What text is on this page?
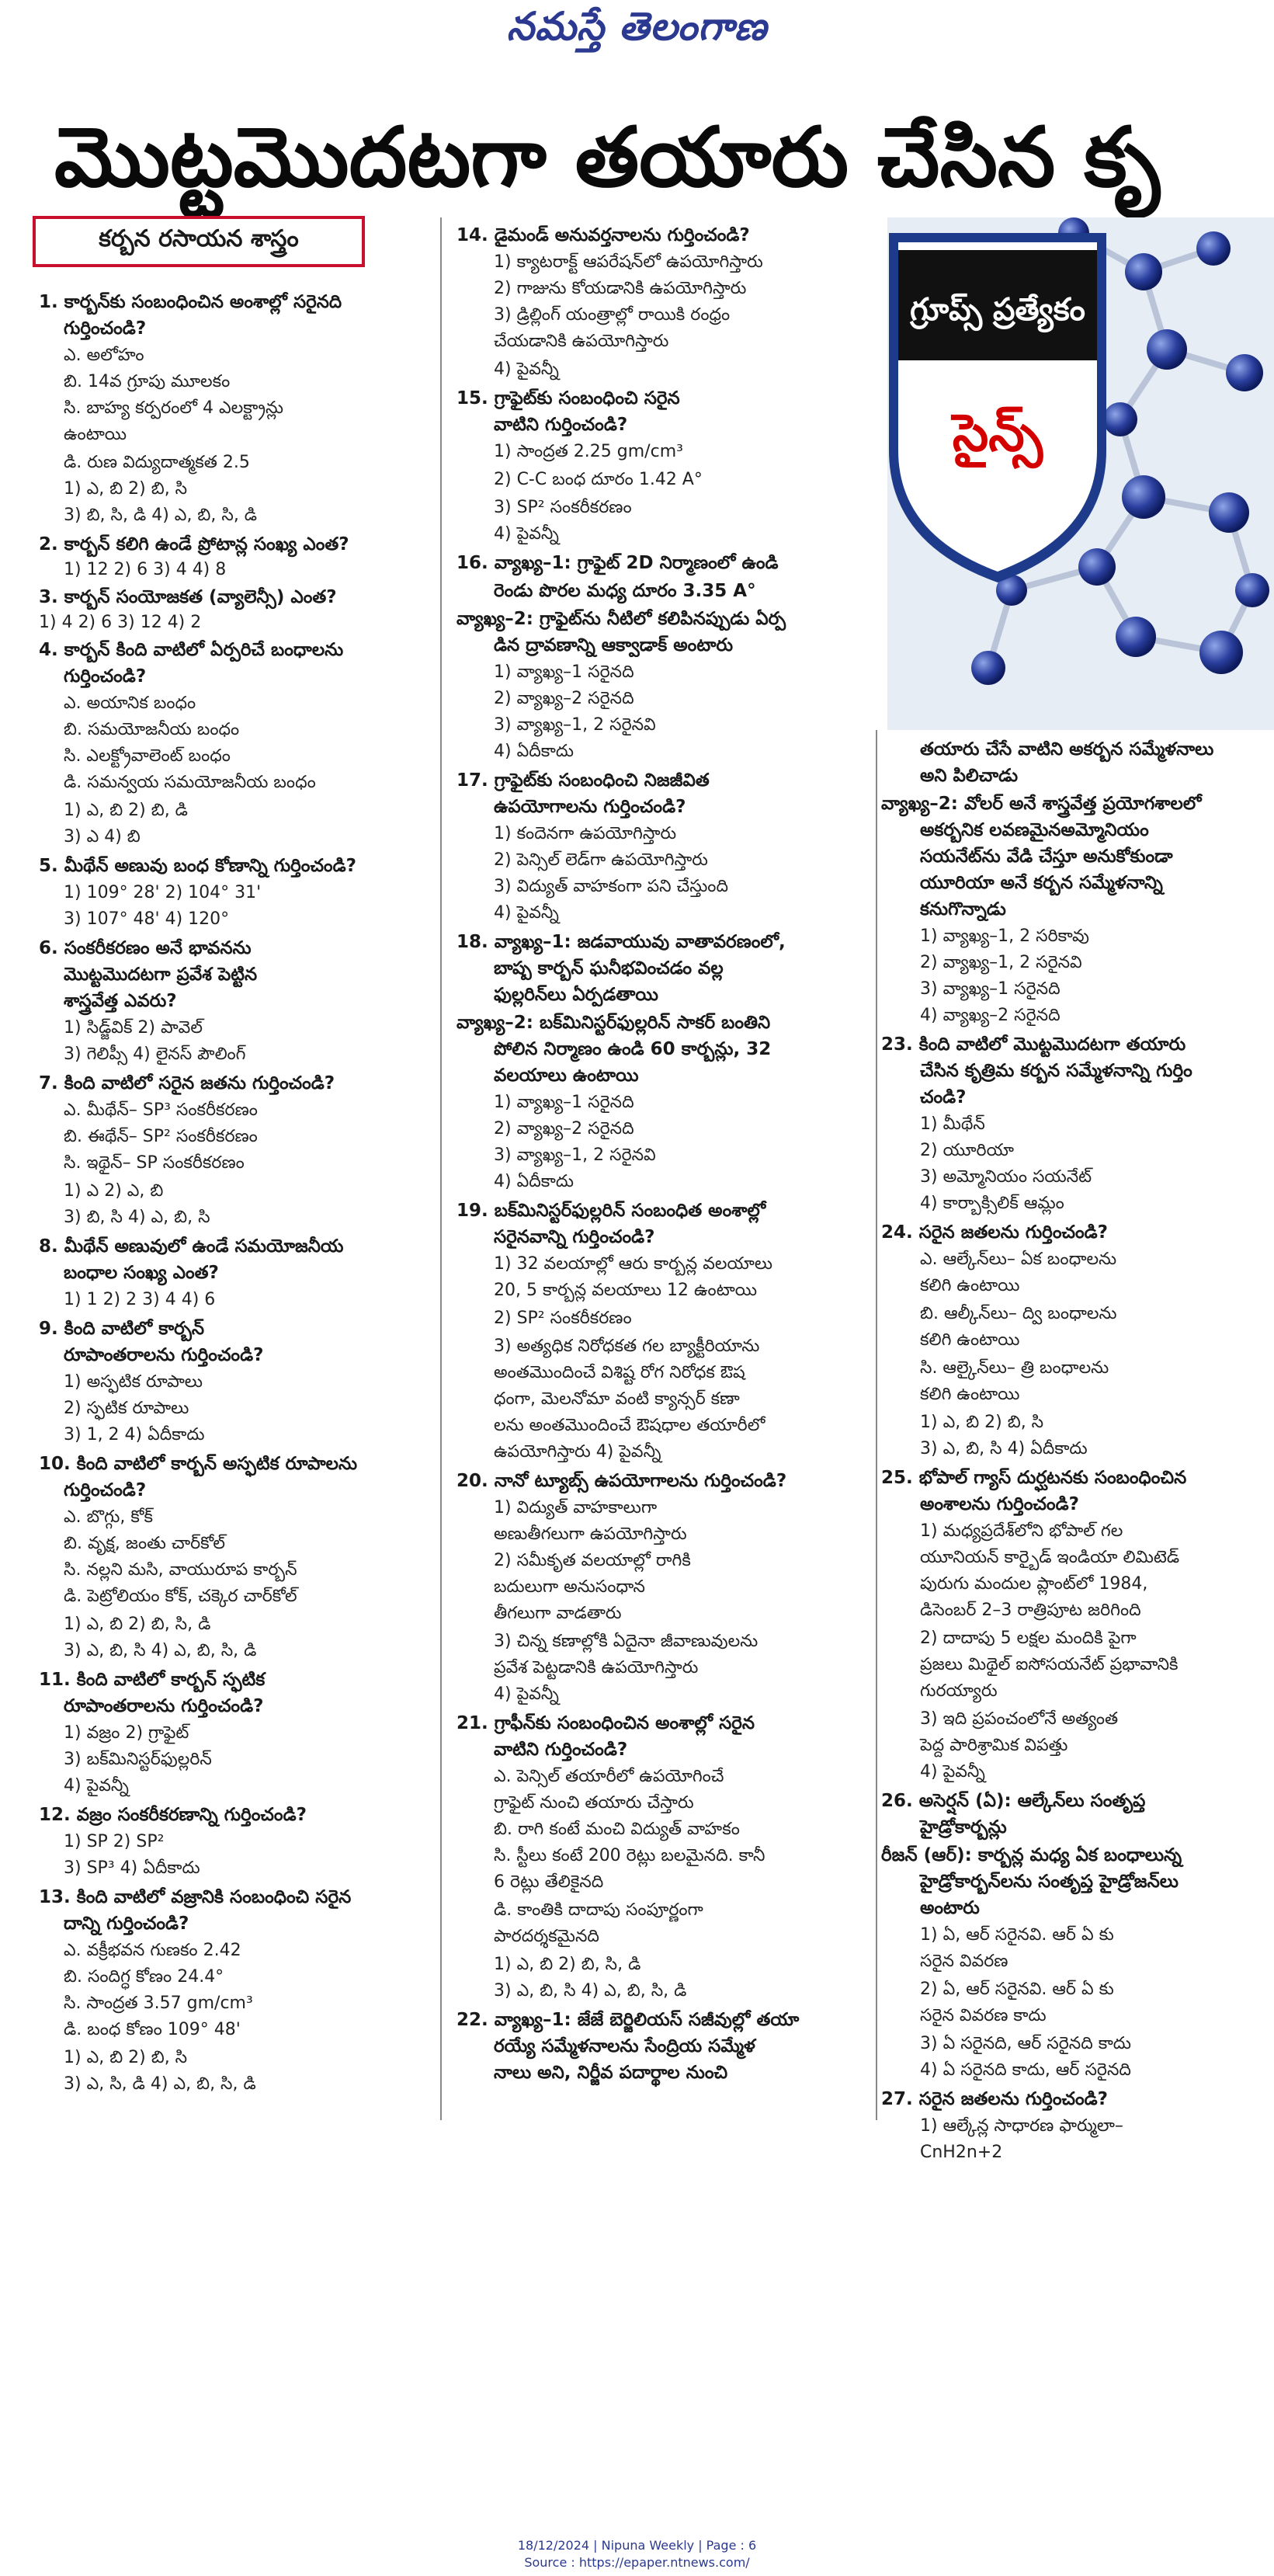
నమస్తే తెలంగాణ
మొట్టమొదటగా తయారు చేసిన కృ
కర్బన రసాయన శాస్త్రం
గ్రూప్స్ ప్రత్యేకం
సైన్స్
1. కార్బన్‌కు సంబంధించిన అంశాల్లో సరైనది
గుర్తించండి?
ఎ. అలోహం
బి. 14వ గ్రూపు మూలకం
సి. బాహ్య కర్పరంలో 4 ఎలక్ట్రాన్లు
ఉంటాయి
డి. రుణ విద్యుదాత్మకత 2.5
1) ఎ, బి 2) బి, సి
3) బి, సి, డి 4) ఎ, బి, సి, డి
2. కార్బన్ కలిగి ఉండే ప్రోటాన్ల సంఖ్య ఎంత?
1) 12 2) 6 3) 4 4) 8
3. కార్బన్ సంయోజకత (వ్యాలెన్సీ) ఎంత?
1) 4 2) 6 3) 12 4) 2
4. కార్బన్ కింది వాటిలో ఏర్పరిచే బంధాలను
గుర్తించండి?
ఎ. అయానిక బంధం
బి. సమయోజనీయ బంధం
సి. ఎలక్ట్రోవాలెంట్ బంధం
డి. సమన్వయ సమయోజనీయ బంధం
1) ఎ, బి 2) బి, డి
3) ఎ 4) బి
5. మీథేన్ అణువు బంధ కోణాన్ని గుర్తించండి?
1) 109° 28' 2) 104° 31'
3) 107° 48' 4) 120°
6. సంకరీకరణం అనే భావనను
మొట్టమొదటగా ప్రవేశ పెట్టిన
శాస్త్రవేత్త ఎవరు?
1) సిడ్జ్‌విక్ 2) పావెల్
3) గెలిప్సీ 4) లైనస్ పౌలింగ్
7. కింది వాటిలో సరైన జతను గుర్తించండి?
ఎ. మీథేన్– SP³ సంకరీకరణం
బి. ఈథేన్– SP² సంకరీకరణం
సి. ఇథైన్– SP సంకరీకరణం
1) ఎ 2) ఎ, బి
3) బి, సి 4) ఎ, బి, సి
8. మీథేన్ అణువులో ఉండే సమయోజనీయ
బంధాల సంఖ్య ఎంత?
1) 1 2) 2 3) 4 4) 6
9. కింది వాటిలో కార్బన్
రూపాంతరాలను గుర్తించండి?
1) అస్ఫటిక రూపాలు
2) స్ఫటిక రూపాలు
3) 1, 2 4) ఏదీకాదు
10. కింది వాటిలో కార్బన్ అస్ఫటిక రూపాలను
గుర్తించండి?
ఎ. బొగ్గు, కోక్
బి. వృక్ష, జంతు చార్‌కోల్
సి. నల్లని మసి, వాయురూప కార్బన్
డి. పెట్రోలియం కోక్, చక్కెర చార్‌కోల్
1) ఎ, బి 2) బి, సి, డి
3) ఎ, బి, సి 4) ఎ, బి, సి, డి
11. కింది వాటిలో కార్బన్ స్ఫటిక
రూపాంతరాలను గుర్తించండి?
1) వజ్రం 2) గ్రాఫైట్
3) బక్‌మినిస్టర్‌ఫుల్లరిన్
4) పైవన్నీ
12. వజ్రం సంకరీకరణాన్ని గుర్తించండి?
1) SP 2) SP²
3) SP³ 4) ఏదీకాదు
13. కింది వాటిలో వజ్రానికి సంబంధించి సరైన
దాన్ని గుర్తించండి?
ఎ. వక్రీభవన గుణకం 2.42
బి. సందిగ్ధ కోణం 24.4°
సి. సాంద్రత 3.57 gm/cm³
డి. బంధ కోణం 109° 48'
1) ఎ, బి 2) బి, సి
3) ఎ, సి, డి 4) ఎ, బి, సి, డి
14. డైమండ్ అనువర్తనాలను గుర్తించండి?
1) క్యాటరాక్ట్ ఆపరేషన్‌లో ఉపయోగిస్తారు
2) గాజును కోయడానికి ఉపయోగిస్తారు
3) డ్రిల్లింగ్ యంత్రాల్లో రాయికి రంధ్రం
చేయడానికి ఉపయోగిస్తారు
4) పైవన్నీ
15. గ్రాఫైట్‌కు సంబంధించి సరైన
వాటిని గుర్తించండి?
1) సాంద్రత 2.25 gm/cm³
2) C-C బంధ దూరం 1.42 A°
3) SP² సంకరీకరణం
4) పైవన్నీ
16. వ్యాఖ్య–1: గ్రాఫైట్ 2D నిర్మాణంలో ఉండి
రెండు పొరల మధ్య దూరం 3.35 A°
వ్యాఖ్య–2: గ్రాఫైట్‌ను నీటిలో కలిపినప్పుడు ఏర్ప
డిన ద్రావణాన్ని ఆక్వాడాక్ అంటారు
1) వ్యాఖ్య–1 సరైనది
2) వ్యాఖ్య–2 సరైనది
3) వ్యాఖ్య–1, 2 సరైనవి
4) ఏదీకాదు
17. గ్రాఫైట్‌కు సంబంధించి నిజజీవిత
ఉపయోగాలను గుర్తించండి?
1) కందెనగా ఉపయోగిస్తారు
2) పెన్సిల్ లెడ్‌గా ఉపయోగిస్తారు
3) విద్యుత్ వాహకంగా పని చేస్తుంది
4) పైవన్నీ
18. వ్యాఖ్య–1: జడవాయువు వాతావరణంలో,
బాష్ప కార్బన్ ఘనీభవించడం వల్ల
ఫుల్లరిన్‌లు ఏర్పడతాయి
వ్యాఖ్య–2: బక్‌మినిస్టర్‌ఫుల్లరిన్ సాకర్ బంతిని
పోలిన నిర్మాణం ఉండి 60 కార్బన్లు, 32
వలయాలు ఉంటాయి
1) వ్యాఖ్య–1 సరైనది
2) వ్యాఖ్య–2 సరైనది
3) వ్యాఖ్య–1, 2 సరైనవి
4) ఏదీకాదు
19. బక్‌మినిస్టర్‌ఫుల్లరిన్ సంబంధిత అంశాల్లో
సరైనవాన్ని గుర్తించండి?
1) 32 వలయాల్లో ఆరు కార్బన్ల వలయాలు
20, 5 కార్బన్ల వలయాలు 12 ఉంటాయి
2) SP² సంకరీకరణం
3) అత్యధిక నిరోధకత గల బ్యాక్టీరియాను
అంతమొందించే విశిష్ట రోగ నిరోధక ఔష
ధంగా, మెలనోమా వంటి క్యాన్సర్ కణా
లను అంతమొందించే ఔషధాల తయారీలో
ఉపయోగిస్తారు 4) పైవన్నీ
20. నానో ట్యూబ్స్ ఉపయోగాలను గుర్తించండి?
1) విద్యుత్ వాహకాలుగా
అణుతీగలుగా ఉపయోగిస్తారు
2) సమీకృత వలయాల్లో రాగికి
బదులుగా అనుసంధాన
తీగలుగా వాడతారు
3) చిన్న కణాల్లోకి ఏదైనా జీవాణువులను
ప్రవేశ పెట్టడానికి ఉపయోగిస్తారు
4) పైవన్నీ
21. గ్రాఫీన్‌కు సంబంధించిన అంశాల్లో సరైన
వాటిని గుర్తించండి?
ఎ. పెన్సిల్ తయారీలో ఉపయోగించే
గ్రాఫైట్ నుంచి తయారు చేస్తారు
బి. రాగి కంటే మంచి విద్యుత్ వాహకం
సి. స్టీలు కంటే 200 రెట్లు బలమైనది. కానీ
6 రెట్లు తేలికైనది
డి. కాంతికి దాదాపు సంపూర్ణంగా
పారదర్శకమైనది
1) ఎ, బి 2) బి, సి, డి
3) ఎ, బి, సి 4) ఎ, బి, సి, డి
22. వ్యాఖ్య–1: జేజే బెర్జిలియస్ సజీవుల్లో తయా
రయ్యే సమ్మేళనాలను సేంద్రియ సమ్మేళ
నాలు అని, నిర్జీవ పదార్థాల నుంచి
తయారు చేసే వాటిని అకర్బన సమ్మేళనాలు
అని పిలిచాడు
వ్యాఖ్య–2: వోలర్ అనే శాస్త్రవేత్త ప్రయోగశాలలో
అకర్బనిక లవణమైనఅమ్మోనియం
సయనేట్‌ను వేడి చేస్తూ అనుకోకుండా
యూరియా అనే కర్బన సమ్మేళనాన్ని
కనుగొన్నాడు
1) వ్యాఖ్య–1, 2 సరికావు
2) వ్యాఖ్య–1, 2 సరైనవి
3) వ్యాఖ్య–1 సరైనది
4) వ్యాఖ్య–2 సరైనది
23. కింది వాటిలో మొట్టమొదటగా తయారు
చేసిన కృత్రిమ కర్బన సమ్మేళనాన్ని గుర్తిం
చండి?
1) మీథేన్
2) యూరియా
3) అమ్మోనియం సయనేట్
4) కార్బాక్సిలిక్ ఆమ్లం
24. సరైన జతలను గుర్తించండి?
ఎ. ఆల్కేన్‌లు– ఏక బంధాలను
కలిగి ఉంటాయి
బి. ఆల్కీన్‌లు– ద్వి బంధాలను
కలిగి ఉంటాయి
సి. ఆల్కైన్‌లు– త్రి బంధాలను
కలిగి ఉంటాయి
1) ఎ, బి 2) బి, సి
3) ఎ, బి, సి 4) ఏదీకాదు
25. భోపాల్ గ్యాస్ దుర్ఘటనకు సంబంధించిన
అంశాలను గుర్తించండి?
1) మధ్యప్రదేశ్‌లోని భోపాల్ గల
యూనియన్ కార్బైడ్ ఇండియా లిమిటెడ్
పురుగు మందుల ప్లాంట్‌లో 1984,
డిసెంబర్ 2–3 రాత్రిపూట జరిగింది
2) దాదాపు 5 లక్షల మందికి పైగా
ప్రజలు మిథైల్ ఐసోసయనేట్ ప్రభావానికి
గురయ్యారు
3) ఇది ప్రపంచంలోనే అత్యంత
పెద్ద పారిశ్రామిక విపత్తు
4) పైవన్నీ
26. అసెర్షన్ (ఏ): ఆల్కేన్‌లు సంతృప్త
హైడ్రోకార్బన్లు
రీజన్ (ఆర్): కార్బన్ల మధ్య ఏక బంధాలున్న
హైడ్రోకార్బన్‌లను సంతృప్త హైడ్రోజన్‌లు
అంటారు
1) ఏ, ఆర్ సరైనవి. ఆర్ ఏ కు
సరైన వివరణ
2) ఏ, ఆర్ సరైనవి. ఆర్ ఏ కు
సరైన వివరణ కాదు
3) ఏ సరైనది, ఆర్ సరైనది కాదు
4) ఏ సరైనది కాదు, ఆర్ సరైనది
27. సరైన జతలను గుర్తించండి?
1) ఆల్కేన్ల సాధారణ ఫార్ములా–
CnH2n+2
18/12/2024 | Nipuna Weekly | Page : 6
Source : https://epaper.ntnews.com/
